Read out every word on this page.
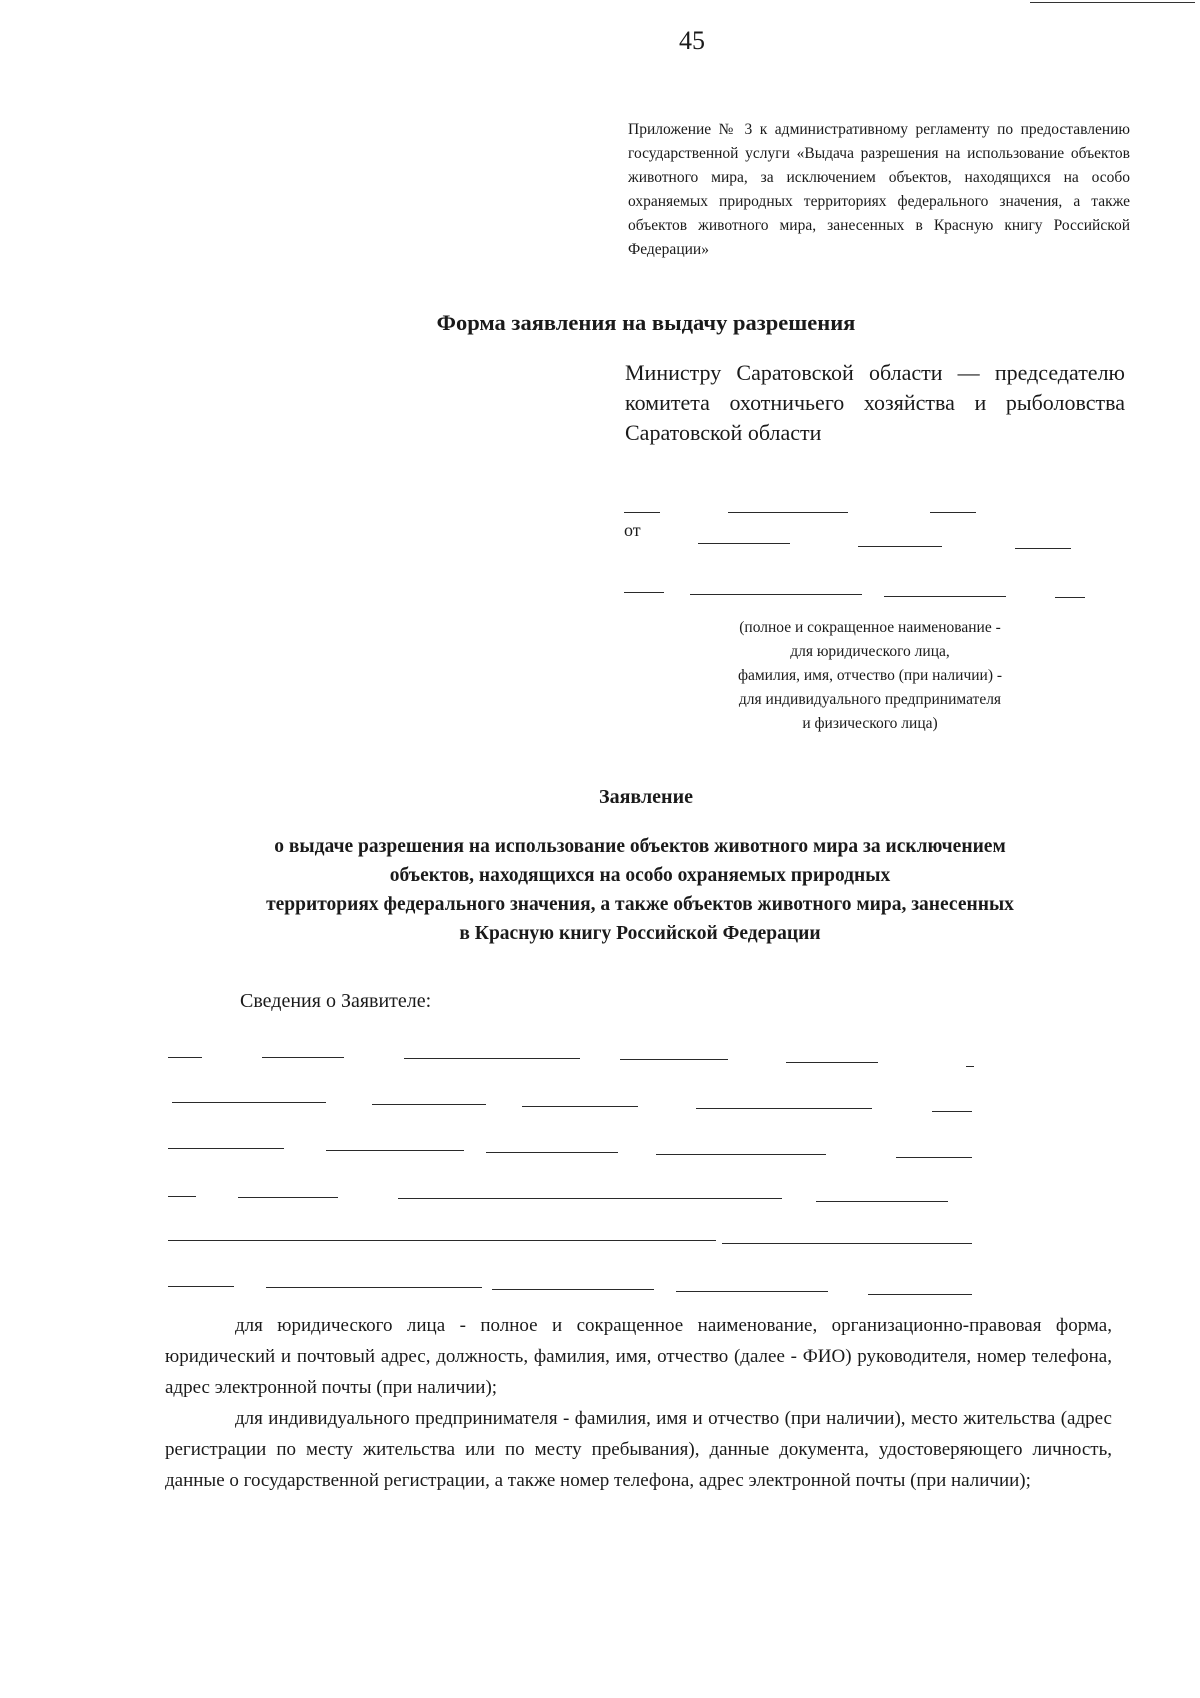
45
Приложение № 3 к административному регламенту по предоставлению государственной услуги «Выдача разрешения на использование объектов животного мира, за исключением объектов, находящихся на особо охраняемых природных территориях федерального значения, а также объектов животного мира, занесенных в Красную книгу Российской Федерации»
Форма заявления на выдачу разрешения
Министру Саратовской области — председателю комитета охотничьего хозяйства и рыболовства Саратовской области
от
(полное и сокращенное наименование -
для юридического лица,
фамилия, имя, отчество (при наличии) -
для индивидуального предпринимателя
и физического лица)
Заявление
о выдаче разрешения на использование объектов животного мира за исключением
объектов, находящихся на особо охраняемых природных
территориях федерального значения, а также объектов животного мира, занесенных
в Красную книгу Российской Федерации
Сведения о Заявителе:

для юридического лица - полное и сокращенное наименование, организационно-правовая форма, юридический и почтовый адрес, должность, фамилия, имя, отчество (далее - ФИО) руководителя, номер телефона, адрес электронной почты (при наличии);

для индивидуального предпринимателя - фамилия, имя и отчество (при наличии), место жительства (адрес регистрации по месту жительства или по месту пребывания), данные документа, удостоверяющего личность, данные о государственной регистрации, а также номер телефона, адрес электронной почты (при наличии);
